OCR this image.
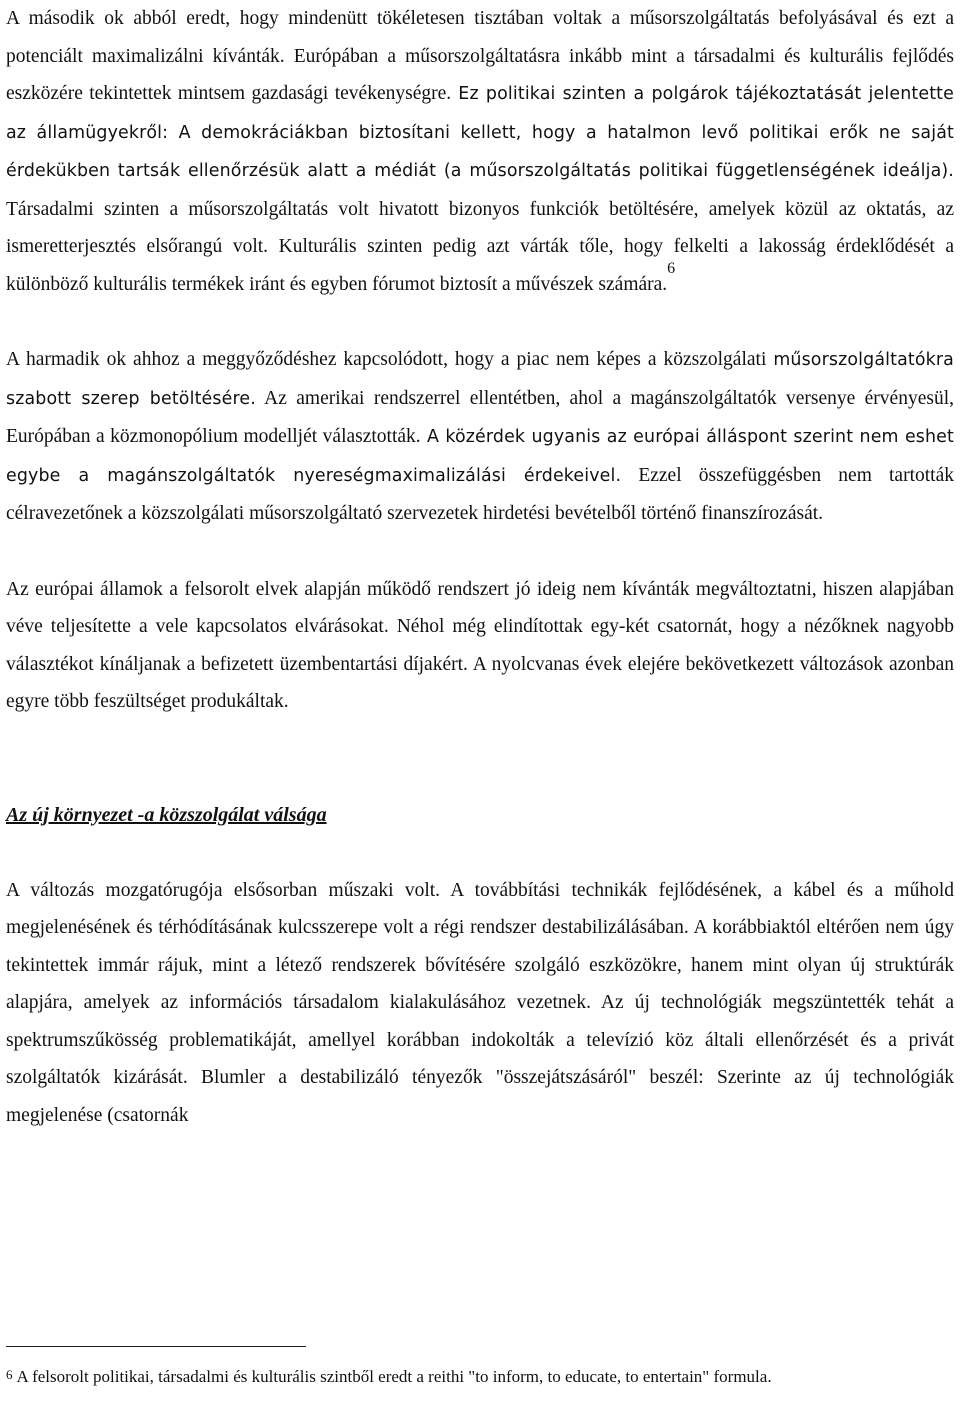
A második ok abból eredt, hogy mindenütt tökéletesen tisztában voltak a műsorszolgáltatás befolyásával és ezt a potenciált maximalizálni kívánták. Európában a műsorszolgáltatásra inkább mint a társadalmi és kulturális fejlődés eszközére tekintettek mintsem gazdasági tevékenységre. Ez politikai szinten a polgárok tájékoztatását jelentette az államügyekről: A demokráciákban biztosítani kellett, hogy a hatalmon levő politikai erők ne saját érdekükben tartsák ellenőrzésük alatt a médiát (a műsorszolgáltatás politikai függetlenségének ideálja). Társadalmi szinten a műsorszolgáltatás volt hivatott bizonyos funkciók betöltésére, amelyek közül az oktatás, az ismeretterjesztés elsőrangú volt. Kulturális szinten pedig azt várták tőle, hogy felkelti a lakosság érdeklődését a különböző kulturális termékek iránt és egyben fórumot biztosít a művészek számára.$^6$

A harmadik ok ahhoz a meggyőződéshez kapcsolódott, hogy a piac nem képes a közszolgálati műsorszolgáltatókra szabott szerep betöltésére. Az amerikai rendszerrel ellentétben, ahol a magánszolgáltatók versenye érvényesül, Európában a közmonopólium modelljét választották. A közérdek ugyanis az európai álláspont szerint nem eshet egybe a magánszolgáltatók nyereségmaximalizálási érdekeivel. Ezzel összefüggésben nem tartották célravezetőnek a közszolgálati műsorszolgáltató szervezetek hirdetési bevételből történő finanszírozását.

Az európai államok a felsorolt elvek alapján működő rendszert jó ideig nem kívánták megváltoztatni, hiszen alapjában véve teljesítette a vele kapcsolatos elvárásokat. Néhol még elindítottak egy-két csatornát, hogy a nézőknek nagyobb választékot kínáljanak a befizetett üzembentartási díjakért. A nyolcvanas évek elejére bekövetkezett változások azonban egyre több feszültséget produkáltak.

Az új környezet -a közszolgálat válsága

A változás mozgatórugója elsősorban műszaki volt. A továbbítási technikák fejlődésének, a kábel és a műhold megjelenésének és térhódításának kulcsszerepe volt a régi rendszer destabilizálásában. A korábbiaktól eltérően nem úgy tekintettek immár rájuk, mint a létező rendszerek bővítésére szolgáló eszközökre, hanem mint olyan új struktúrák alapjára, amelyek az információs társadalom kialakulásához vezetnek. Az új technológiák megszüntették tehát a spektrumszűkösség problematikáját, amellyel korábban indokolták a televízió köz általi ellenőrzését és a privát szolgáltatók kizárását. Blumler a destabilizáló tényezők "összejátszásáról" beszél: Szerinte az új technológiák megjelenése (csatornák

6 A felsorolt politikai, társadalmi és kulturális szintből eredt a reithi "to inform, to educate, to entertain" formula.
